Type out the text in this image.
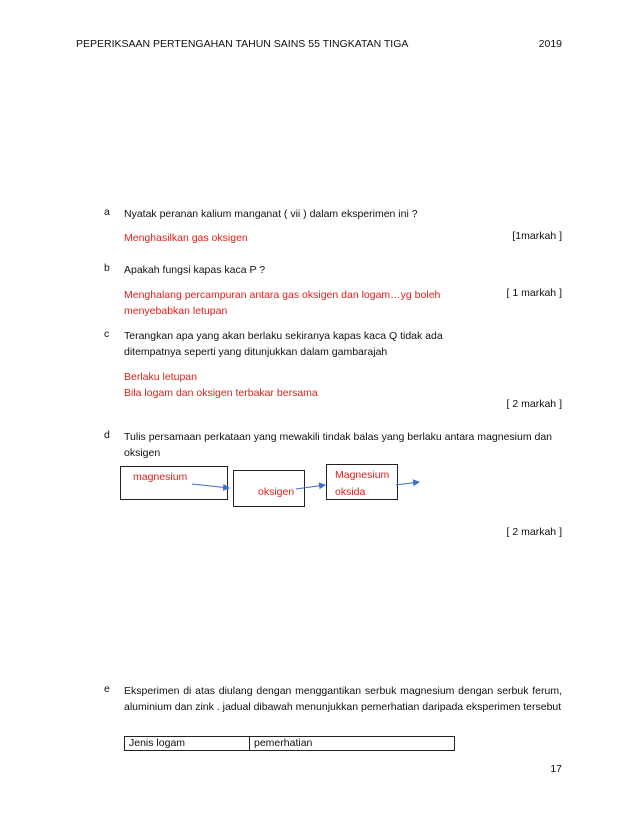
PEPERIKSAAN PERTENGAHAN TAHUN SAINS 55 TINGKATAN TIGA	2019
a Nyatak peranan kalium manganat ( vii ) dalam eksperimen ini ?
Menghasilkan gas oksigen	[1markah ]
b Apakah fungsi kapas kaca P ?
Menghalang percampuran antara gas oksigen dan logam…yg boleh
menyebabkan letupan
[ 1 markah ]
c Terangkan apa yang akan berlaku sekiranya kapas kaca Q tidak ada
ditempatnya seperti yang ditunjukkan dalam gambarajah
Berlaku letupan
Bila logam dan oksigen terbakar bersama
[ 2 markah ]
d Tulis persamaan perkataan yang mewakili tindak balas yang berlaku antara magnesium dan
oksigen
magnesium
oksigen
Magnesium
oksida
[ 2 markah ]
e Eksperimen di atas diulang dengan menggantikan serbuk magnesium dengan serbuk ferum, aluminium dan zink . jadual dibawah menunjukkan pemerhatian daripada eksperimen tersebut
Jenis logam	pemerhatian
17
